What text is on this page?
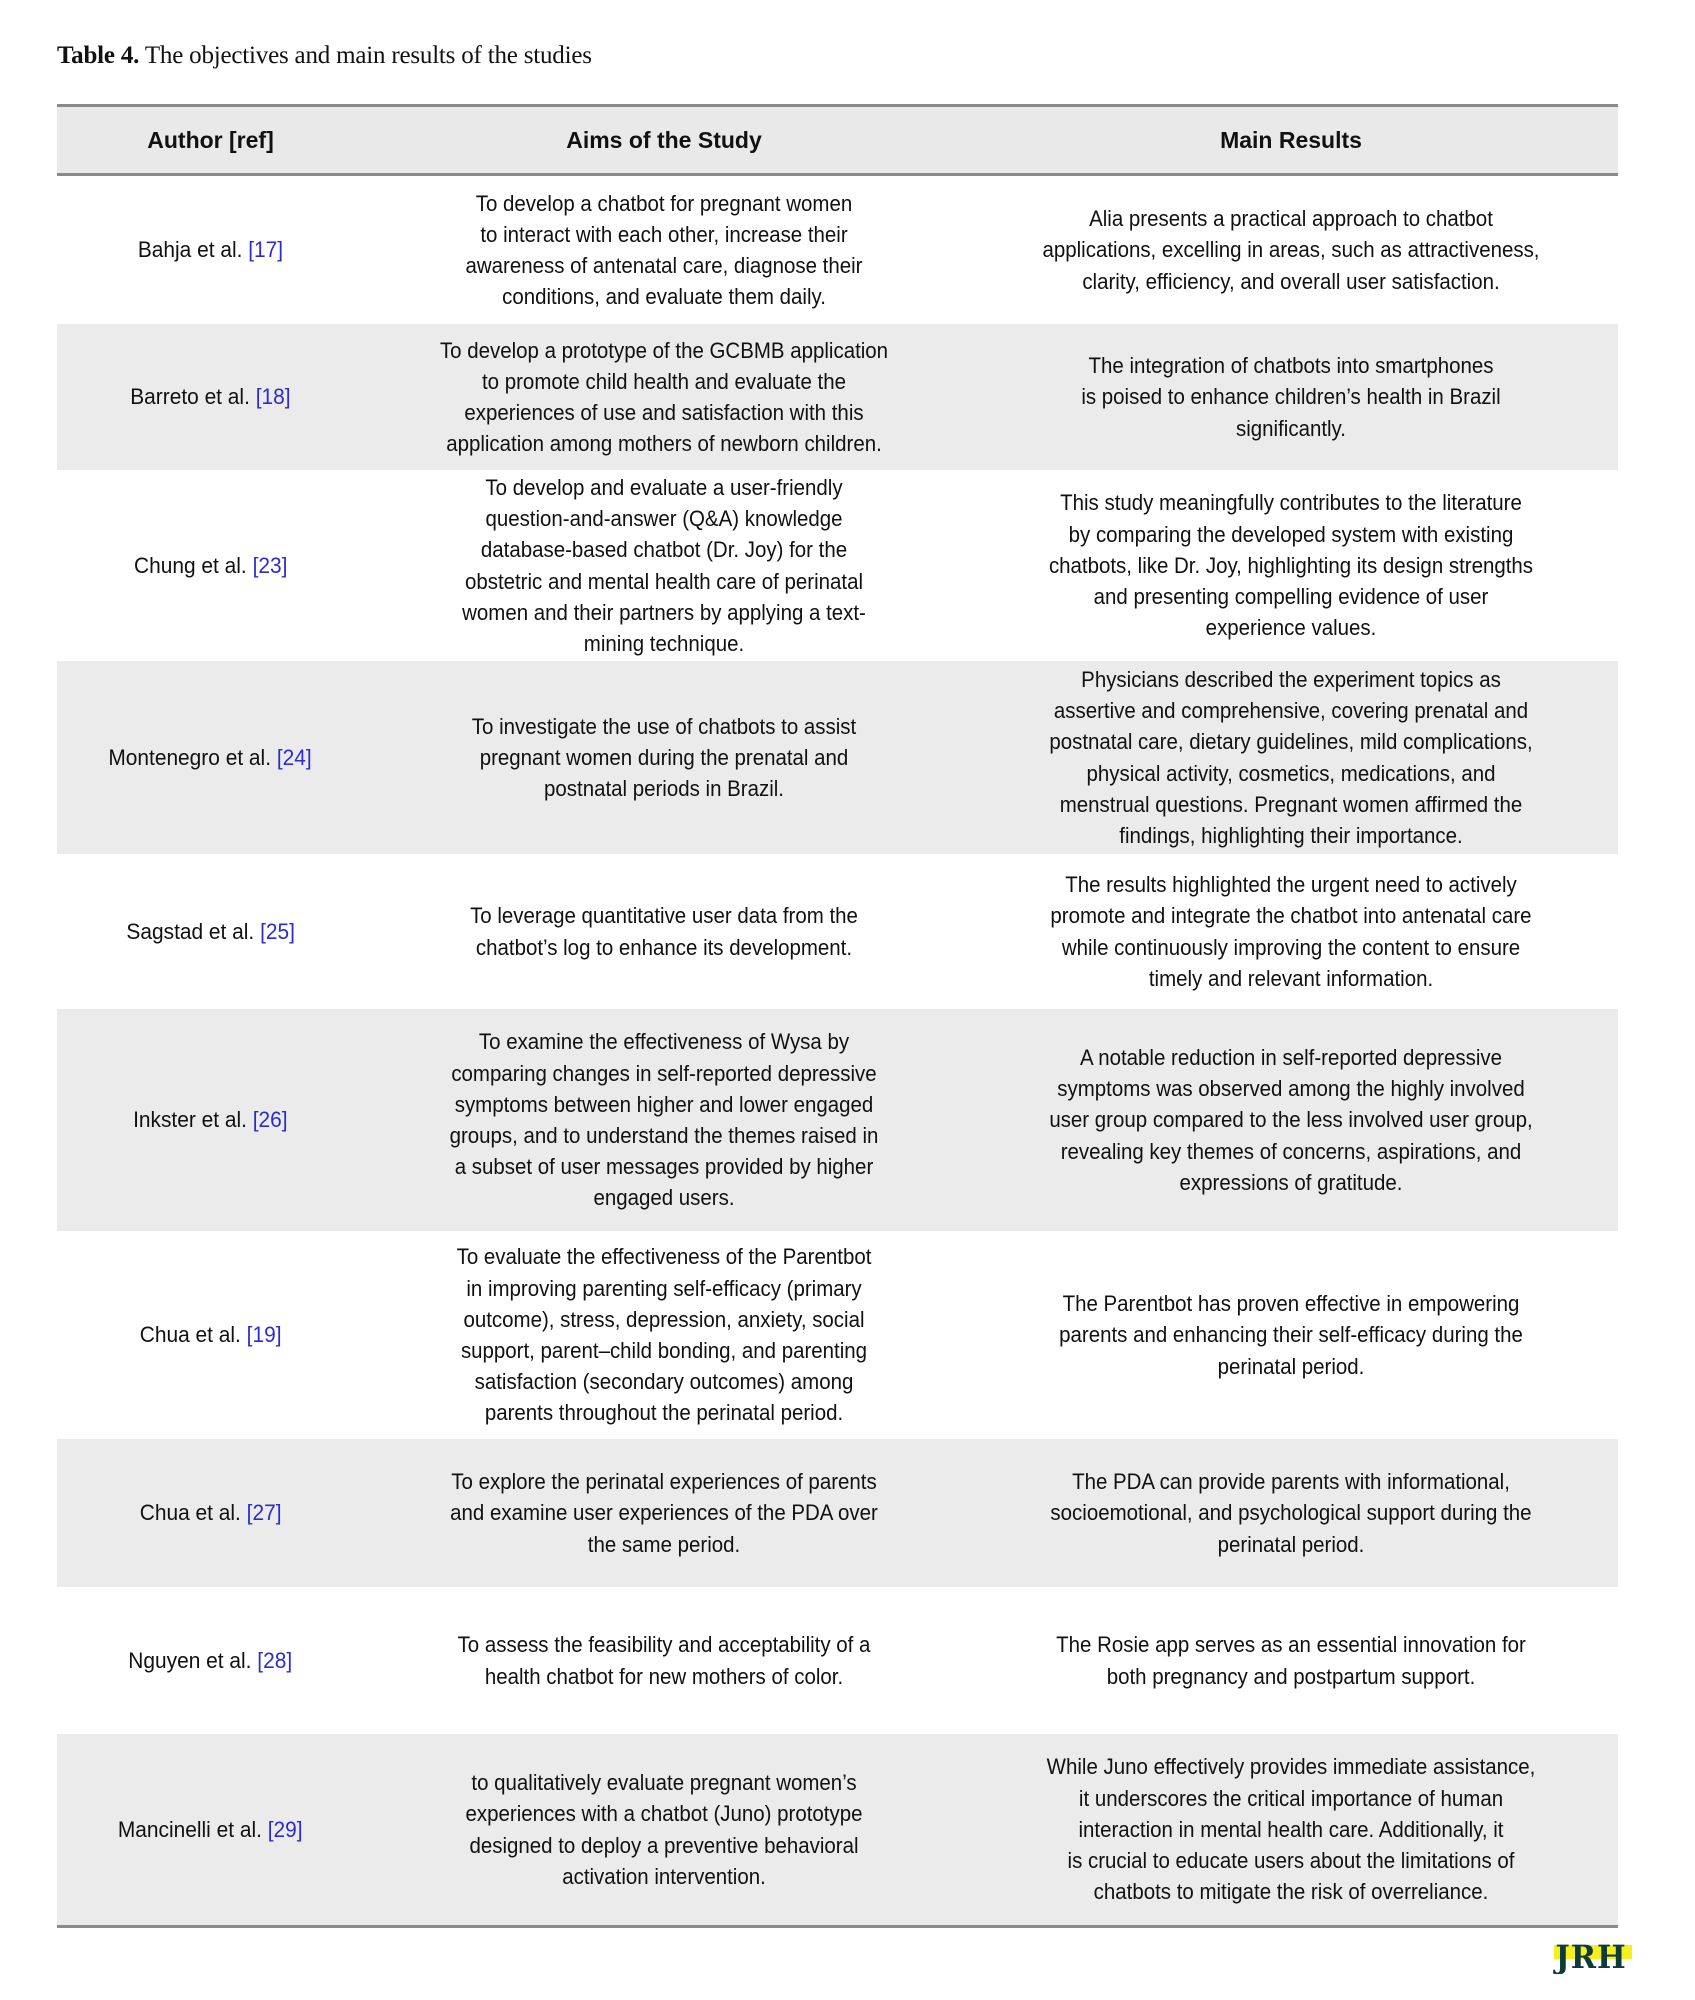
Table 4. The objectives and main results of the studies
Author [ref]	Aims of the Study	Main Results
Bahja et al. [17]
To develop a chatbot for pregnant women
to interact with each other, increase their
awareness of antenatal care, diagnose their
conditions, and evaluate them daily.
Alia presents a practical approach to chatbot
applications, excelling in areas, such as attractiveness,
clarity, efficiency, and overall user satisfaction.
Barreto et al. [18]
To develop a prototype of the GCBMB application
to promote child health and evaluate the
experiences of use and satisfaction with this
application among mothers of newborn children.
The integration of chatbots into smartphones
is poised to enhance children’s health in Brazil
significantly.
Chung et al. [23]
To develop and evaluate a user-friendly
question-and-answer (Q&A) knowledge
database-based chatbot (Dr. Joy) for the
obstetric and mental health care of perinatal
women and their partners by applying a text-
mining technique.
This study meaningfully contributes to the literature
by comparing the developed system with existing
chatbots, like Dr. Joy, highlighting its design strengths
and presenting compelling evidence of user
experience values.
Montenegro et al. [24]
To investigate the use of chatbots to assist
pregnant women during the prenatal and
postnatal periods in Brazil.
Physicians described the experiment topics as
assertive and comprehensive, covering prenatal and
postnatal care, dietary guidelines, mild complications,
physical activity, cosmetics, medications, and
menstrual questions. Pregnant women affirmed the
findings, highlighting their importance.
Sagstad et al. [25]
To leverage quantitative user data from the
chatbot’s log to enhance its development.
The results highlighted the urgent need to actively
promote and integrate the chatbot into antenatal care
while continuously improving the content to ensure
timely and relevant information.
Inkster et al. [26]
To examine the effectiveness of Wysa by
comparing changes in self-reported depressive
symptoms between higher and lower engaged
groups, and to understand the themes raised in
a subset of user messages provided by higher
engaged users.
A notable reduction in self-reported depressive
symptoms was observed among the highly involved
user group compared to the less involved user group,
revealing key themes of concerns, aspirations, and
expressions of gratitude.
Chua et al. [19]
To evaluate the effectiveness of the Parentbot
in improving parenting self-efficacy (primary
outcome), stress, depression, anxiety, social
support, parent–child bonding, and parenting
satisfaction (secondary outcomes) among
parents throughout the perinatal period.
The Parentbot has proven effective in empowering
parents and enhancing their self-efficacy during the
perinatal period.
Chua et al. [27]
To explore the perinatal experiences of parents
and examine user experiences of the PDA over
the same period.
The PDA can provide parents with informational,
socioemotional, and psychological support during the
perinatal period.
Nguyen et al. [28]
To assess the feasibility and acceptability of a
health chatbot for new mothers of color.
The Rosie app serves as an essential innovation for
both pregnancy and postpartum support.
Mancinelli et al. [29]
to qualitatively evaluate pregnant women’s
experiences with a chatbot (Juno) prototype
designed to deploy a preventive behavioral
activation intervention.
While Juno effectively provides immediate assistance,
it underscores the critical importance of human
interaction in mental health care. Additionally, it
is crucial to educate users about the limitations of
chatbots to mitigate the risk of overreliance.
JRH
